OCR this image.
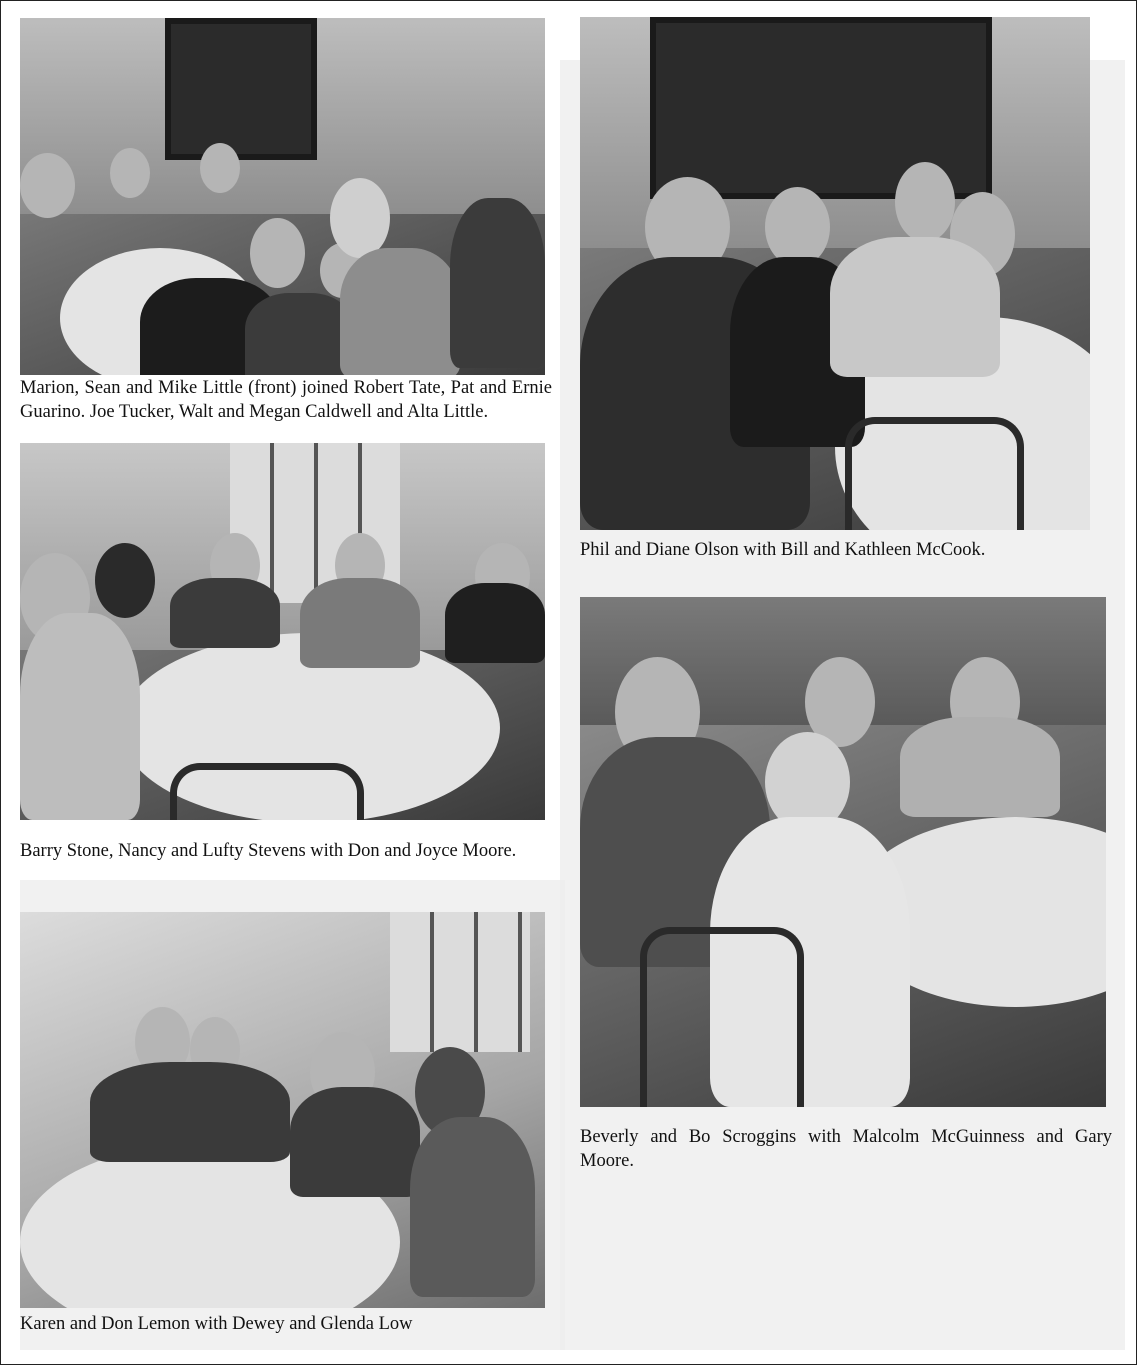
Marion, Sean and Mike Little (front) joined Robert Tate, Pat and Ernie Guarino. Joe Tucker, Walt and Megan Caldwell and Alta Little.
Phil and Diane Olson with Bill and Kathleen McCook.
Barry Stone, Nancy and Lufty Stevens with Don and Joyce Moore.
Beverly and Bo Scroggins with Malcolm McGuinness and Gary Moore.
Karen and Don Lemon with Dewey and Glenda Low
